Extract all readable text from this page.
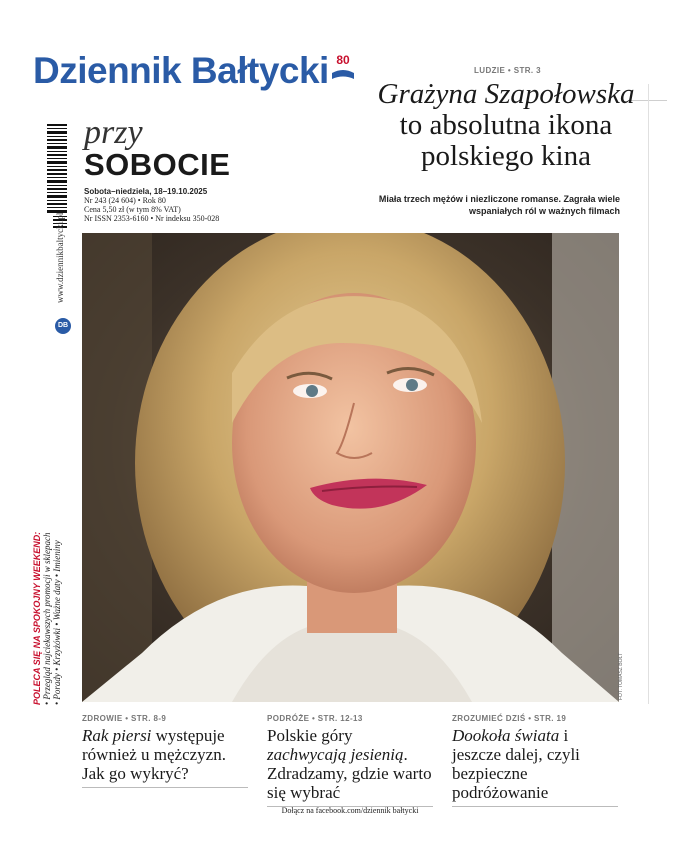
Dziennik Bałtycki 80
LUDZIE • STR. 3
Grażyna Szapołowska
to absolutna ikona polskiego kina
Miała trzech mężów i niezliczone romanse. Zagrała wiele
wspaniałych ról w ważnych filmach
przy
SOBOCIE
Sobota–niedziela, 18–19.10.2025
Nr 243 (24 604) • Rok 80
Cena 5,50 zł (w tym 8% VAT)
Nr ISSN 2353-6160 • Nr indeksu 350-028
www.dziennikbaltycki.pl
DB
POLECA SIĘ NA SPOKOJNY WEEKEND: • Przegląd najciekawszych promocji w sklepach • Porady • Krzyżówki • Ważne daty • Imieniny	FOT. TOMASZ BOŁT
ZDROWIE • STR. 8-9
Rak piersi występuje również u mężczyzn. Jak go wykryć?
PODRÓŻE • STR. 12-13
Polskie góry zachwycają jesienią. Zdradzamy, gdzie warto się wybrać
ZROZUMIEĆ DZIŚ • STR. 19
Dookoła świata i jeszcze dalej, czyli bezpieczne podróżowanie
Dołącz na facebook.com/dziennik bałtycki
